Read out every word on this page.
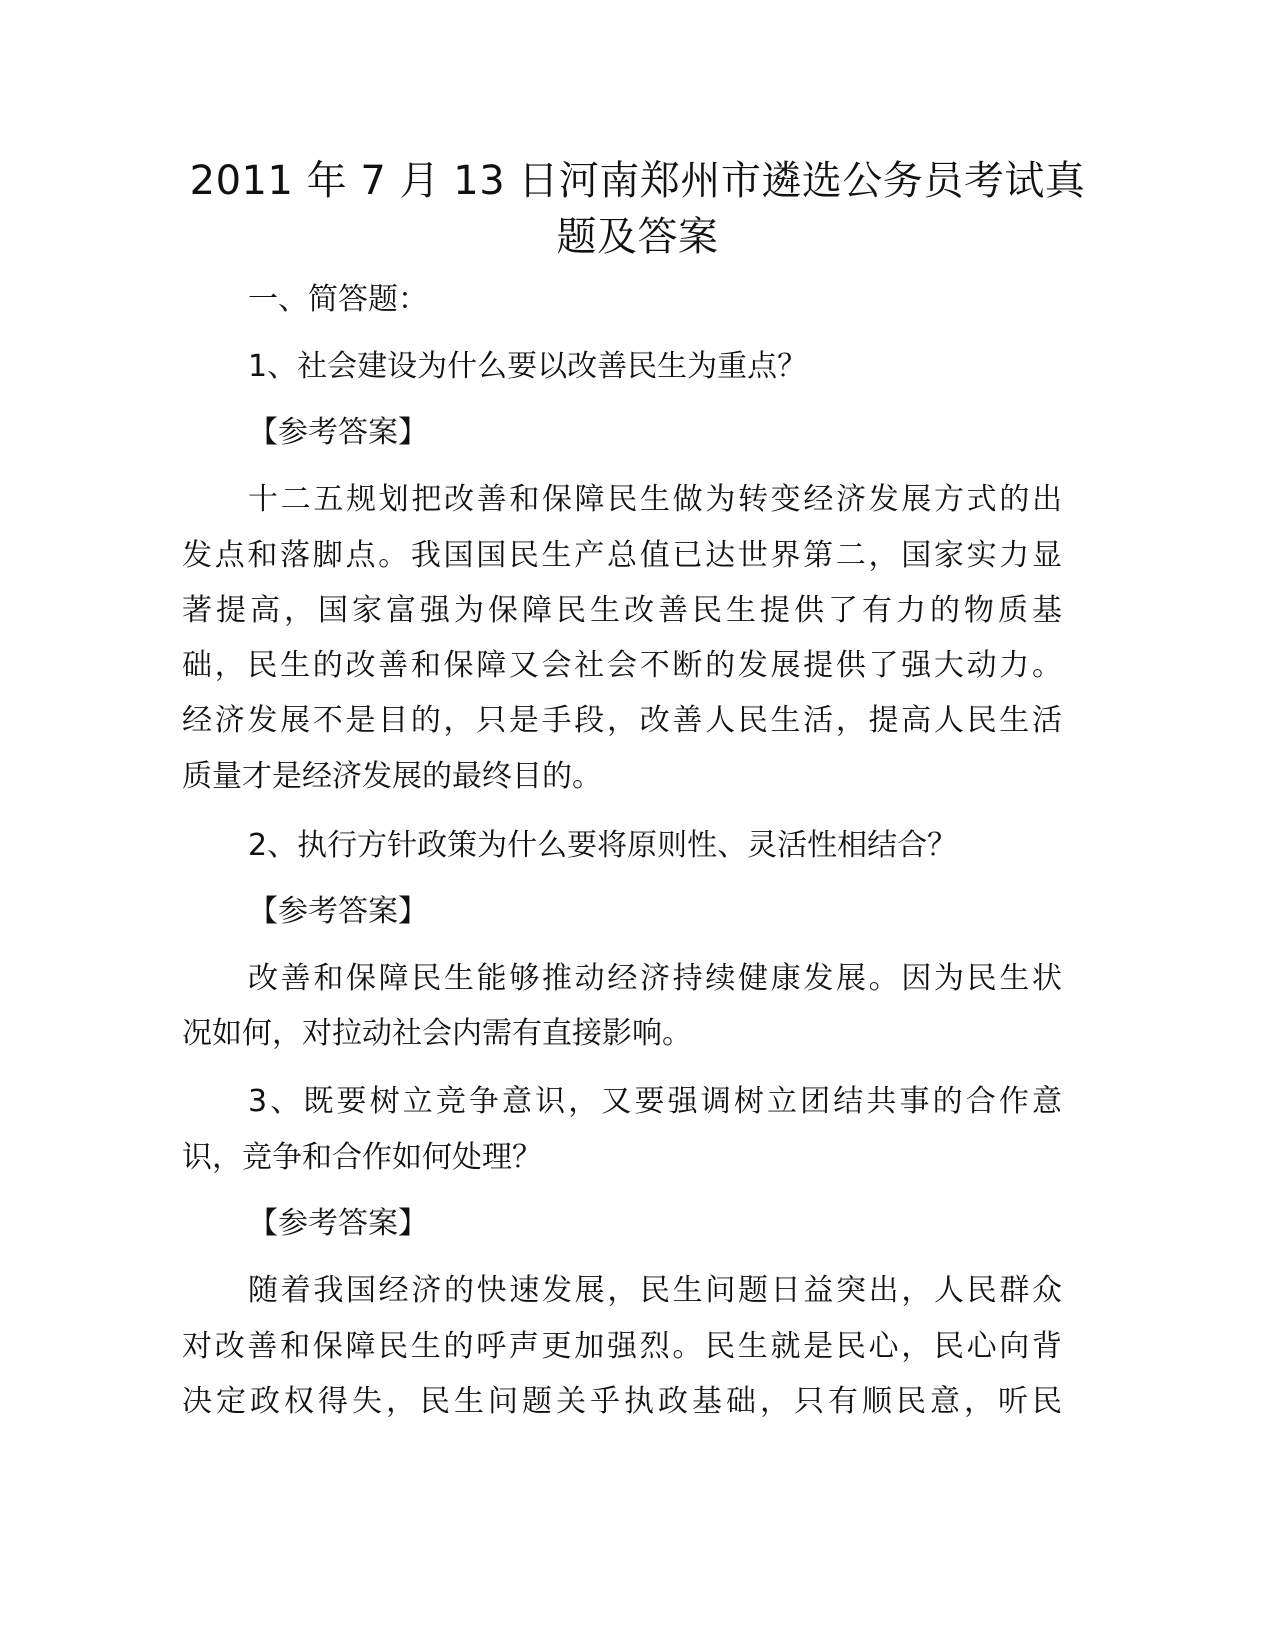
2011 年 7 月 13 日河南郑州市遴选公务员考试真
题及答案

一、简答题：

1、社会建设为什么要以改善民生为重点？

【参考答案】

十二五规划把改善和保障民生做为转变经济发展方式的出

发点和落脚点。我国国民生产总值已达世界第二，国家实力显

著提高，国家富强为保障民生改善民生提供了有力的物质基

础，民生的改善和保障又会社会不断的发展提供了强大动力。

经济发展不是目的，只是手段，改善人民生活，提高人民生活

质量才是经济发展的最终目的。

2、执行方针政策为什么要将原则性、灵活性相结合？

【参考答案】

改善和保障民生能够推动经济持续健康发展。因为民生状

况如何，对拉动社会内需有直接影响。

3、既要树立竞争意识，又要强调树立团结共事的合作意

识，竞争和合作如何处理？

【参考答案】

随着我国经济的快速发展，民生问题日益突出，人民群众

对改善和保障民生的呼声更加强烈。民生就是民心，民心向背

决定政权得失，民生问题关乎执政基础，只有顺民意，听民
